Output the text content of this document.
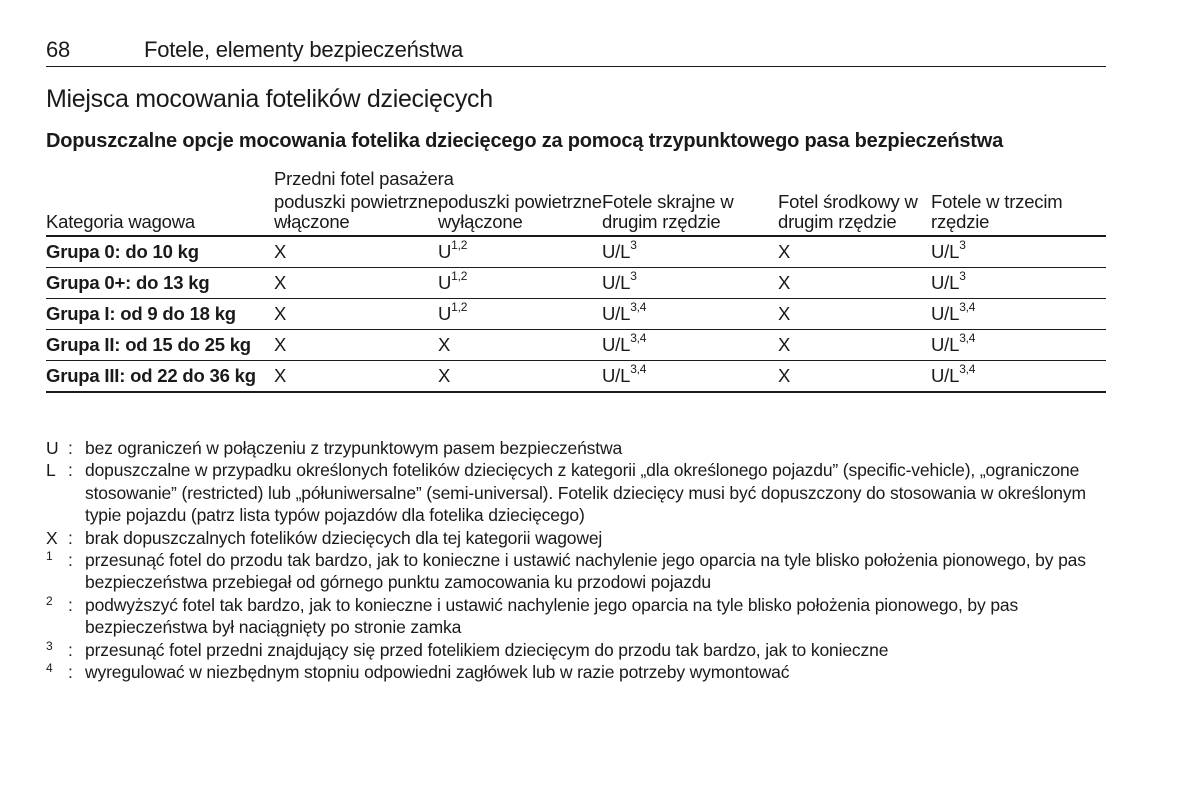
68	Fotele, elementy bezpieczeństwa
Miejsca mocowania fotelików dziecięcych
Dopuszczalne opcje mocowania fotelika dziecięcego za pomocą trzypunktowego pasa bezpieczeństwa
	Przedni fotel pasażera				
Kategoria wagowa	poduszki powietrzne włączone	poduszki powietrzne wyłączone	Fotele skrajne w drugim rzędzie	Fotel środkowy w drugim rzędzie	Fotele w trzecim rzędzie
Grupa 0: do 10 kg	X	U$^{1,2}$	$U/L^3$	X	$U/L^3$
Grupa 0+: do 13 kg	X	U$^{1,2}$	$U/L^3$	X	$U/L^3$
Grupa I: od 9 do 18 kg	X	U$^{1,2}$	$U/L^{3,4}$	X	$U/L^{3,4}$
Grupa II: od 15 do 25 kg	X	X	$U/L^{3,4}$	X	$U/L^{3,4}$
Grupa III: od 22 do 36 kg	X	X	$U/L^{3,4}$	X	$U/L^{3,4}$
U : bez ograniczeń w połączeniu z trzypunktowym pasem bezpieczeństwa
L : dopuszczalne w przypadku określonych fotelików dziecięcych z kategorii „dla określonego pojazdu” (specific-vehicle), „ograniczone stosowanie” (restricted) lub „półuniwersalne” (semi-universal). Fotelik dziecięcy musi być dopuszczony do stosowania w określonym typie pojazdu (patrz lista typów pojazdów dla fotelika dziecięcego)
X : brak dopuszczalnych fotelików dziecięcych dla tej kategorii wagowej
1 : przesunąć fotel do przodu tak bardzo, jak to konieczne i ustawić nachylenie jego oparcia na tyle blisko położenia pionowego, by pas bezpieczeństwa przebiegał od górnego punktu zamocowania ku przodowi pojazdu
2 : podwyższyć fotel tak bardzo, jak to konieczne i ustawić nachylenie jego oparcia na tyle blisko położenia pionowego, by pas bezpieczeństwa był naciągnięty po stronie zamka
3 : przesunąć fotel przedni znajdujący się przed fotelikiem dziecięcym do przodu tak bardzo, jak to konieczne
4 : wyregulować w niezbędnym stopniu odpowiedni zagłówek lub w razie potrzeby wymontować
